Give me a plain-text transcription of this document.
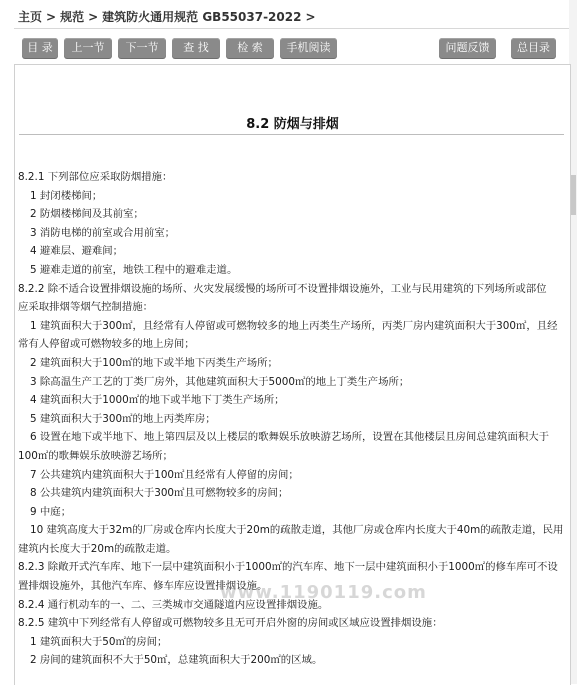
主页 > 规范 > 建筑防火通用规范 GB55037-2022 >
目 录	上一节	下一节	查 找	检 索	手机阅读	问题反馈	总目录
8.2 防烟与排烟
8.2.1 下列部位应采取防烟措施：
1 封闭楼梯间；
2 防烟楼梯间及其前室；
3 消防电梯的前室或合用前室；
4 避难层、避难间；
5 避难走道的前室，地铁工程中的避难走道。
8.2.2 除不适合设置排烟设施的场所、火灾发展缓慢的场所可不设置排烟设施外，工业与民用建筑的下列场所或部位
应采取排烟等烟气控制措施：
1 建筑面积大于300㎡，且经常有人停留或可燃物较多的地上丙类生产场所，丙类厂房内建筑面积大于300㎡，且经
常有人停留或可燃物较多的地上房间；
2 建筑面积大于100㎡的地下或半地下丙类生产场所；
3 除高温生产工艺的丁类厂房外，其他建筑面积大于5000㎡的地上丁类生产场所；
4 建筑面积大于1000㎡的地下或半地下丁类生产场所；
5 建筑面积大于300㎡的地上丙类库房；
6 设置在地下或半地下、地上第四层及以上楼层的歌舞娱乐放映游艺场所，设置在其他楼层且房间总建筑面积大于
100㎡的歌舞娱乐放映游艺场所；
7 公共建筑内建筑面积大于100㎡且经常有人停留的房间；
8 公共建筑内建筑面积大于300㎡且可燃物较多的房间；
9 中庭；
10 建筑高度大于32m的厂房或仓库内长度大于20m的疏散走道，其他厂房或仓库内长度大于40m的疏散走道，民用
建筑内长度大于20m的疏散走道。
8.2.3 除敞开式汽车库、地下一层中建筑面积小于1000㎡的汽车库、地下一层中建筑面积小于1000㎡的修车库可不设
置排烟设施外，其他汽车库、修车库应设置排烟设施。
8.2.4 通行机动车的一、二、三类城市交通隧道内应设置排烟设施。
8.2.5 建筑中下列经常有人停留或可燃物较多且无可开启外窗的房间或区域应设置排烟设施：
1 建筑面积大于50㎡的房间；
2 房间的建筑面积不大于50㎡，总建筑面积大于200㎡的区域。
www.1190119.com
